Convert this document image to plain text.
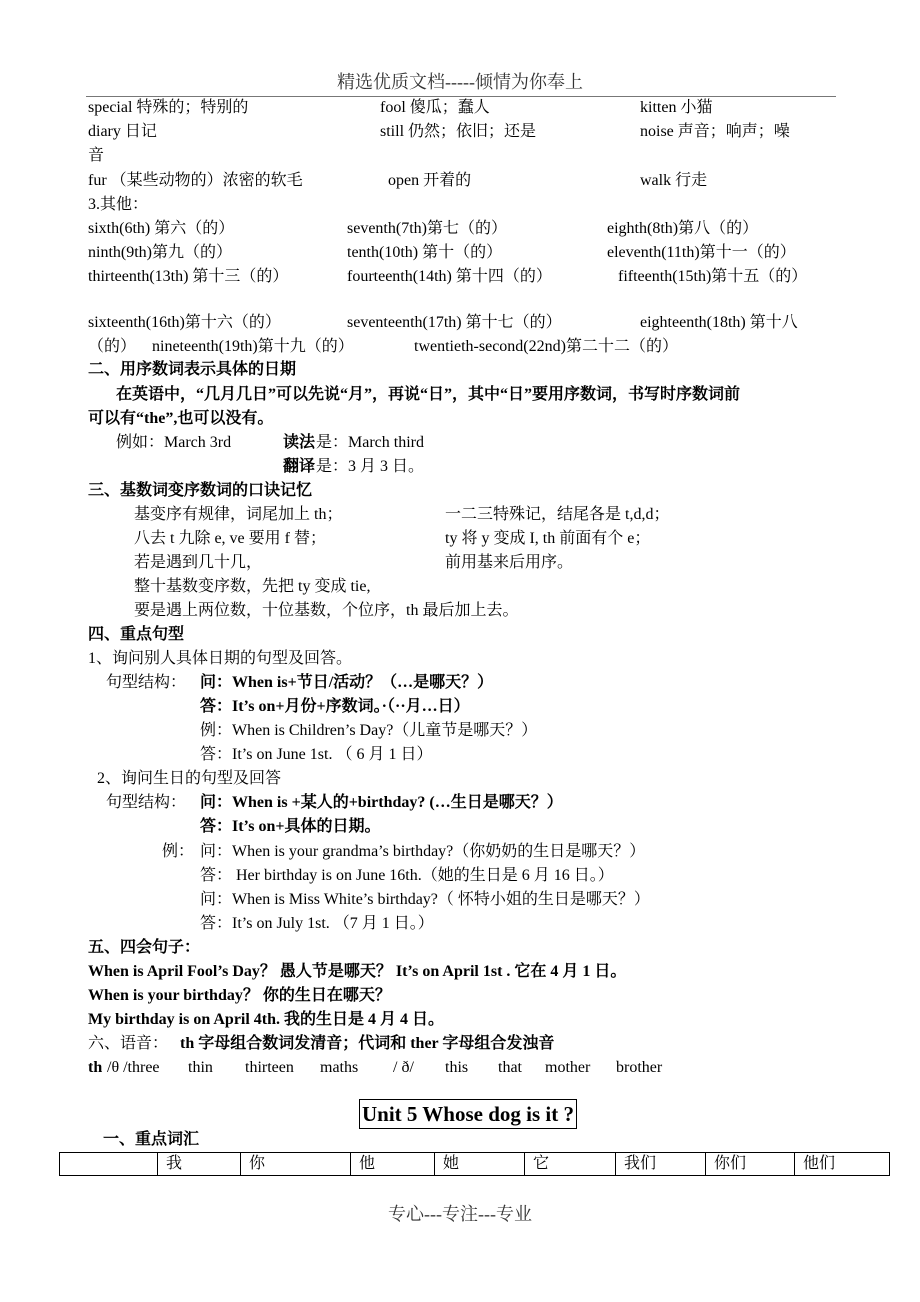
精选优质文档-----倾情为你奉上
special 特殊的；特别的	fool 傻瓜；蠢人	kitten 小猫
diary 日记	still 仍然；依旧；还是	noise 声音；响声；噪
音
fur （某些动物的）浓密的软毛	open 开着的	walk 行走
3.其他：
sixth(6th) 第六（的）	seventh(7th)第七（的）	eighth(8th)第八（的）
ninth(9th)第九（的）	tenth(10th) 第十（的）	eleventh(11th)第十一（的）
thirteenth(13th) 第十三（的）	fourteenth(14th) 第十四（的）	fifteenth(15th)第十五（的）
sixteenth(16th)第十六（的）	seventeenth(17th) 第十七（的）	eighteenth(18th) 第十八
（的） nineteenth(19th)第十九（的）	twentieth-second(22nd)第二十二（的）
二、用序数词表示具体的日期
在英语中，“几月几日”可以先说“月”，再说“日”，其中“日”要用序数词，书写时序数词前
可以有“the”,也可以没有。
例如：March 3rd	读法 是：March third
翻译 是：3 月 3 日。
三、基数词变序数词的口诀记忆
基变序有规律，词尾加上 th；	一二三特殊记，结尾各是 t,d,d；
八去 t 九除 e, ve 要用 f 替；	ty 将 y 变成 I, th 前面有个 e；
若是遇到几十几，	前用基来后用序。
整十基数变序数，先把 ty 变成 tie,
要是遇上两位数，十位基数，个位序，th 最后加上去。
四、重点句型
1、询问别人具体日期的句型及回答。
句型结构： 问：When is+节日/活动？（…是哪天？）
答：It’s on+月份+序数词。·（··月…日）
例：When is Children’s Day?（儿童节是哪天？）
答：It’s on June 1st. （ 6 月 1 日）
2、询问生日的句型及回答
句型结构： 问：When is +某人的+birthday? (…生日是哪天？）
答：It’s on+具体的日期。
例： 问：When is your grandma’s birthday?（你奶奶的生日是哪天？）
答： Her birthday is on June 16th.（她的生日是 6 月 16 日。）
问：When is Miss White’s birthday?（ 怀特小姐的生日是哪天？）
答：It’s on July 1st. （7 月 1 日。）
五、四会句子：
When is April Fool’s Day？ 愚人节是哪天？ It’s on April 1st . 它在 4 月 1 日。
When is your birthday？ 你的生日在哪天？
My birthday is on April 4th. 我的生日是 4 月 4 日。
六、语音： th 字母组合数词发清音；代词和 ther 字母组合发浊音
th /θ /three thin thirteen maths / ð/ this that mother brother
Unit 5 Whose dog is it ?
一、重点词汇
	我	你	他	她	它	我们	你们	他们
专心---专注---专业
